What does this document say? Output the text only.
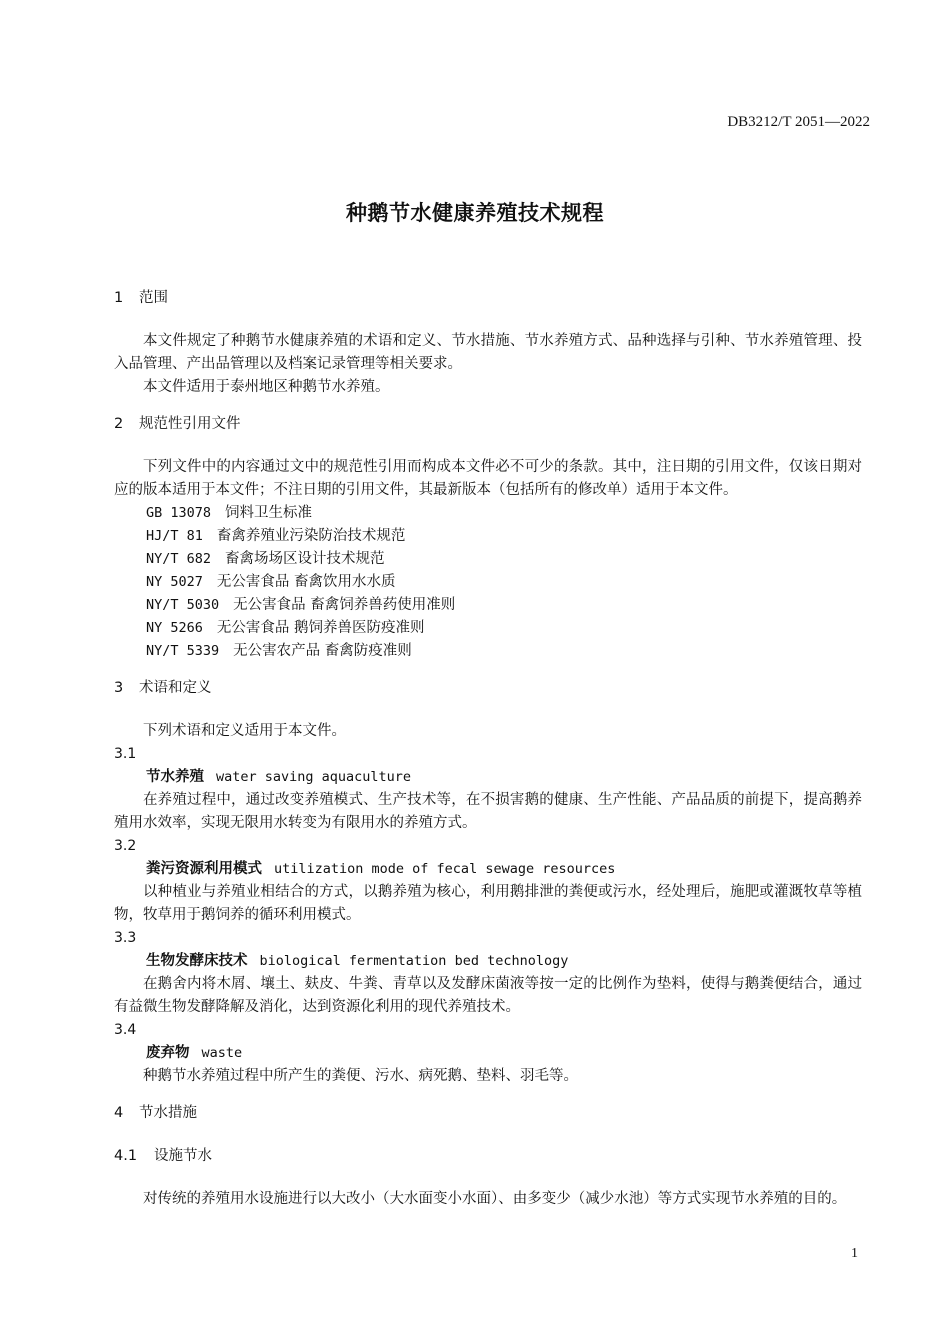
DB3212/T 2051—2022
种鹅节水健康养殖技术规程
1 范围

本文件规定了种鹅节水健康养殖的术语和定义、节水措施、节水养殖方式、品种选择与引种、节水养殖管理、投入品管理、产出品管理以及档案记录管理等相关要求。

本文件适用于泰州地区种鹅节水养殖。

2 规范性引用文件

下列文件中的内容通过文中的规范性引用而构成本文件必不可少的条款。其中，注日期的引用文件，仅该日期对应的版本适用于本文件；不注日期的引用文件，其最新版本（包括所有的修改单）适用于本文件。

GB 13078 饲料卫生标准
HJ/T 81 畜禽养殖业污染防治技术规范
NY/T 682 畜禽场场区设计技术规范
NY 5027 无公害食品 畜禽饮用水水质
NY/T 5030 无公害食品 畜禽饲养兽药使用准则
NY 5266 无公害食品 鹅饲养兽医防疫准则
NY/T 5339 无公害农产品 畜禽防疫准则
3 术语和定义

下列术语和定义适用于本文件。

3.1
节水养殖 water saving aquaculture

在养殖过程中，通过改变养殖模式、生产技术等，在不损害鹅的健康、生产性能、产品品质的前提下，提高鹅养殖用水效率，实现无限用水转变为有限用水的养殖方式。

3.2
粪污资源利用模式 utilization mode of fecal sewage resources

以种植业与养殖业相结合的方式，以鹅养殖为核心，利用鹅排泄的粪便或污水，经处理后，施肥或灌溉牧草等植物，牧草用于鹅饲养的循环利用模式。

3.3
生物发酵床技术 biological fermentation bed technology

在鹅舍内将木屑、壤土、麸皮、牛粪、青草以及发酵床菌液等按一定的比例作为垫料，使得与鹅粪便结合，通过有益微生物发酵降解及消化，达到资源化利用的现代养殖技术。

3.4
废弃物 waste

种鹅节水养殖过程中所产生的粪便、污水、病死鹅、垫料、羽毛等。

4 节水措施
4.1 设施节水

对传统的养殖用水设施进行以大改小（大水面变小水面）、由多变少（减少水池）等方式实现节水养殖的目的。

1
